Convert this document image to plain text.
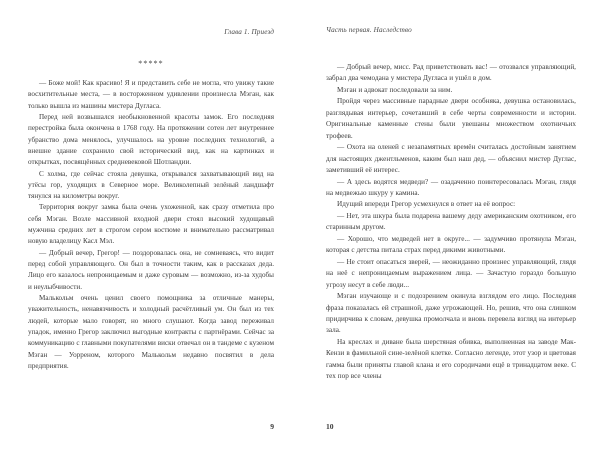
Глава 1. Приезд
*****

— Боже мой! Как красиво! Я и представить себе не могла, что увижу такие восхитительные места, — в восторженном удивлении произнесла Мэган, как только вышла из машины мистера Дугласа.

Перед ней возвышался необыкновенной красоты замок. Его последняя перестройка была окончена в 1768 году. На протяжении сотен лет внутреннее убранство дома менялось, улучшалось на уровне последних технологий, а внешне здание сохранило свой исторический вид, как на картинках и открытках, посвящённых средневековой Шотландии.

С холма, где сейчас стояла девушка, открывался захватывающий вид на утёсы гор, уходящих в Северное море. Великолепный зелёный ландшафт тянулся на километры вокруг.

Территория вокруг замка была очень ухоженной, как сразу отметила про себя Мэган. Возле массивной входной двери стоял высокий худощавый мужчина средних лет в строгом сером костюме и внимательно рассматривал новую владелицу Касл Мэл.

— Добрый вечер, Грегор! — поздоровалась она, не сомневаясь, что видит перед собой управляющего. Он был в точности таким, как в рассказах деда. Лицо его казалось непроницаемым и даже суровым — возможно, из-за худобы и неулыбчивости.

Малькольм очень ценил своего помощника за отличные манеры, уважительность, ненавязчивость и холодный расчётливый ум. Он был из тех людей, которые мало говорят, но много слушают. Когда завод переживал упадок, именно Грегор заключил выгодные контракты с партнёрами. Сейчас за коммуникацию с главными покупателями виски отвечал он в тандеме с кузеном Мэган — Уорреном, которого Малькольм недавно посвятил в дела предприятия.

9
Часть первая. Наследство

— Добрый вечер, мисс. Рад приветствовать вас! — отозвался управляющий, забрал два чемодана у мистера Дугласа и ушёл в дом.

Мэган и адвокат последовали за ним.

Пройдя через массивные парадные двери особняка, девушка остановилась, разглядывая интерьер, сочетавший в себе черты современности и истории. Оригинальные каменные стены были увешаны множеством охотничьих трофеев.

— Охота на оленей с незапамятных времён считалась достойным занятием для настоящих джентльменов, каким был наш дед, — объяснил мистер Дуглас, заметивший её интерес.

— А здесь водятся медведи? — озадаченно поинтересовалась Мэган, глядя на медвежью шкуру у камина.

Идущий впереди Грегор усмехнулся в ответ на её вопрос:

— Нет, эта шкура была подарена вашему деду американским охотником, его старинным другом.

— Хорошо, что медведей нет в округе... — задумчиво протянула Мэган, которая с детства питала страх перед дикими животными.

— Не стоит опасаться зверей, — неожиданно произнес управляющий, глядя на неё с непроницаемым выражением лица. — Зачастую гораздо большую угрозу несут в себе люди...

Мэган изучающе и с подозрением окинула взглядом его лицо. Последняя фраза показалась ей страшной, даже угрожающей. Но, решив, что она слишком придирчива к словам, девушка промолчала и вновь перевела взгляд на интерьер зала.

На креслах и диване была шерстяная обивка, выполненная на заводе Мак-Кензи в фамильной сине-зелёной клетке. Согласно легенде, этот узор и цветовая гамма были приняты главой клана и его сородичами ещё в тринадцатом веке. С тех пор все члены

10
